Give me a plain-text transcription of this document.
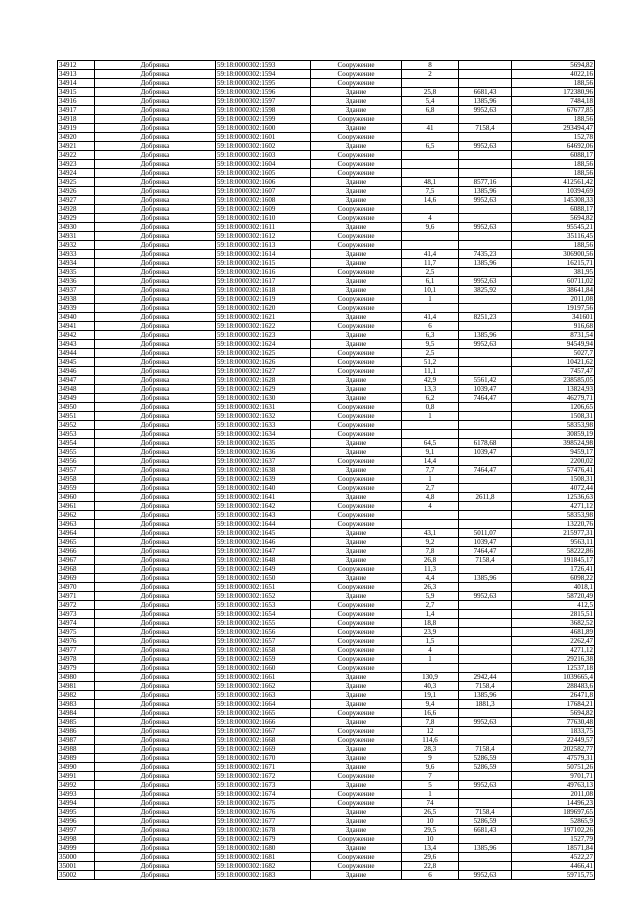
34912	Добрянка	59:18:0000302:1593	Сооружение	8		5694,82
34913	Добрянка	59:18:0000302:1594	Сооружение	2		4022,16
34914	Добрянка	59:18:0000302:1595	Сооружение			188,56
34915	Добрянка	59:18:0000302:1596	Здание	25,8	6681,43	172380,96
34916	Добрянка	59:18:0000302:1597	Здание	5,4	1385,96	7484,18
34917	Добрянка	59:18:0000302:1598	Здание	6,8	9952,63	67677,85
34918	Добрянка	59:18:0000302:1599	Сооружение			188,56
34919	Добрянка	59:18:0000302:1600	Здание	41	7158,4	293494,47
34920	Добрянка	59:18:0000302:1601	Сооружение			152,78
34921	Добрянка	59:18:0000302:1602	Здание	6,5	9952,63	64692,06
34922	Добрянка	59:18:0000302:1603	Сооружение			6088,17
34923	Добрянка	59:18:0000302:1604	Сооружение			188,56
34924	Добрянка	59:18:0000302:1605	Сооружение			188,56
34925	Добрянка	59:18:0000302:1606	Здание	48,1	8577,16	412561,42
34926	Добрянка	59:18:0000302:1607	Здание	7,5	1385,96	10394,69
34927	Добрянка	59:18:0000302:1608	Здание	14,6	9952,63	145308,33
34928	Добрянка	59:18:0000302:1609	Сооружение			6088,17
34929	Добрянка	59:18:0000302:1610	Сооружение	4		5694,82
34930	Добрянка	59:18:0000302:1611	Здание	9,6	9952,63	95545,21
34931	Добрянка	59:18:0000302:1612	Сооружение			35116,45
34932	Добрянка	59:18:0000302:1613	Сооружение			188,56
34933	Добрянка	59:18:0000302:1614	Здание	41,4	7435,23	306900,56
34934	Добрянка	59:18:0000302:1615	Здание	11,7	1385,96	16215,71
34935	Добрянка	59:18:0000302:1616	Сооружение	2,5		381,95
34936	Добрянка	59:18:0000302:1617	Здание	6,1	9952,63	60711,02
34937	Добрянка	59:18:0000302:1618	Здание	10,1	3825,92	38641,84
34938	Добрянка	59:18:0000302:1619	Сооружение	1		2011,08
34939	Добрянка	59:18:0000302:1620	Сооружение			19197,56
34940	Добрянка	59:18:0000302:1621	Здание	41,4	8251,23	341601
34941	Добрянка	59:18:0000302:1622	Сооружение	6		916,68
34942	Добрянка	59:18:0000302:1623	Здание	6,3	1385,96	8731,54
34943	Добрянка	59:18:0000302:1624	Здание	9,5	9952,63	94549,94
34944	Добрянка	59:18:0000302:1625	Сооружение	2,5		5027,7
34945	Добрянка	59:18:0000302:1626	Сооружение	51,2		10421,62
34946	Добрянка	59:18:0000302:1627	Сооружение	11,1		7457,47
34947	Добрянка	59:18:0000302:1628	Здание	42,9	5561,42	238585,05
34948	Добрянка	59:18:0000302:1629	Здание	13,3	1039,47	13824,93
34949	Добрянка	59:18:0000302:1630	Здание	6,2	7464,47	46279,71
34950	Добрянка	59:18:0000302:1631	Сооружение	0,8		1206,65
34951	Добрянка	59:18:0000302:1632	Сооружение	1		1508,31
34952	Добрянка	59:18:0000302:1633	Сооружение			58353,98
34953	Добрянка	59:18:0000302:1634	Сооружение			30859,19
34954	Добрянка	59:18:0000302:1635	Здание	64,5	6178,68	398524,98
34955	Добрянка	59:18:0000302:1636	Здание	9,1	1039,47	9459,17
34956	Добрянка	59:18:0000302:1637	Сооружение	14,4		2200,02
34957	Добрянка	59:18:0000302:1638	Здание	7,7	7464,47	57476,41
34958	Добрянка	59:18:0000302:1639	Сооружение	1		1508,31
34959	Добрянка	59:18:0000302:1640	Сооружение	2,7		4072,44
34960	Добрянка	59:18:0000302:1641	Здание	4,8	2611,8	12536,63
34961	Добрянка	59:18:0000302:1642	Сооружение	4		4271,12
34962	Добрянка	59:18:0000302:1643	Сооружение			58353,98
34963	Добрянка	59:18:0000302:1644	Сооружение			13220,76
34964	Добрянка	59:18:0000302:1645	Здание	43,1	5011,07	215977,31
34965	Добрянка	59:18:0000302:1646	Здание	9,2	1039,47	9563,11
34966	Добрянка	59:18:0000302:1647	Здание	7,8	7464,47	58222,86
34967	Добрянка	59:18:0000302:1648	Здание	26,8	7158,4	191845,17
34968	Добрянка	59:18:0000302:1649	Сооружение	11,3		1726,41
34969	Добрянка	59:18:0000302:1650	Здание	4,4	1385,96	6098,22
34970	Добрянка	59:18:0000302:1651	Сооружение	26,3		4018,1
34971	Добрянка	59:18:0000302:1652	Здание	5,9	9952,63	58720,49
34972	Добрянка	59:18:0000302:1653	Сооружение	2,7		412,5
34973	Добрянка	59:18:0000302:1654	Сооружение	1,4		2815,51
34974	Добрянка	59:18:0000302:1655	Сооружение	18,8		3682,52
34975	Добрянка	59:18:0000302:1656	Сооружение	23,9		4681,89
34976	Добрянка	59:18:0000302:1657	Сооружение	1,5		2262,47
34977	Добрянка	59:18:0000302:1658	Сооружение	4		4271,12
34978	Добрянка	59:18:0000302:1659	Сооружение	1		29216,38
34979	Добрянка	59:18:0000302:1660	Сооружение			12537,18
34980	Добрянка	59:18:0000302:1661	Здание	130,9	2942,44	1039665,4
34981	Добрянка	59:18:0000302:1662	Здание	40,3	7158,4	288483,6
34982	Добрянка	59:18:0000302:1663	Здание	19,1	1385,96	26471,8
34983	Добрянка	59:18:0000302:1664	Здание	9,4	1881,3	17684,21
34984	Добрянка	59:18:0000302:1665	Сооружение	16,6		5694,82
34985	Добрянка	59:18:0000302:1666	Здание	7,8	9952,63	77630,48
34986	Добрянка	59:18:0000302:1667	Сооружение	12		1833,75
34987	Добрянка	59:18:0000302:1668	Сооружение	114,6		22449,57
34988	Добрянка	59:18:0000302:1669	Здание	28,3	7158,4	202582,77
34989	Добрянка	59:18:0000302:1670	Здание	9	5286,59	47579,31
34990	Добрянка	59:18:0000302:1671	Здание	9,6	5286,59	50751,26
34991	Добрянка	59:18:0000302:1672	Сооружение	7		9701,71
34992	Добрянка	59:18:0000302:1673	Здание	5	9952,63	49763,13
34993	Добрянка	59:18:0000302:1674	Сооружение	1		2011,08
34994	Добрянка	59:18:0000302:1675	Сооружение	74		14496,23
34995	Добрянка	59:18:0000302:1676	Здание	26,5	7158,4	189697,65
34996	Добрянка	59:18:0000302:1677	Здание	10	5286,59	52865,9
34997	Добрянка	59:18:0000302:1678	Здание	29,5	6681,43	197102,26
34998	Добрянка	59:18:0000302:1679	Сооружение	10		1527,79
34999	Добрянка	59:18:0000302:1680	Здание	13,4	1385,96	18571,84
35000	Добрянка	59:18:0000302:1681	Сооружение	29,6		4522,27
35001	Добрянка	59:18:0000302:1682	Сооружение	22,8		4466,41
35002	Добрянка	59:18:0000302:1683	Здание	6	9952,63	59715,75
